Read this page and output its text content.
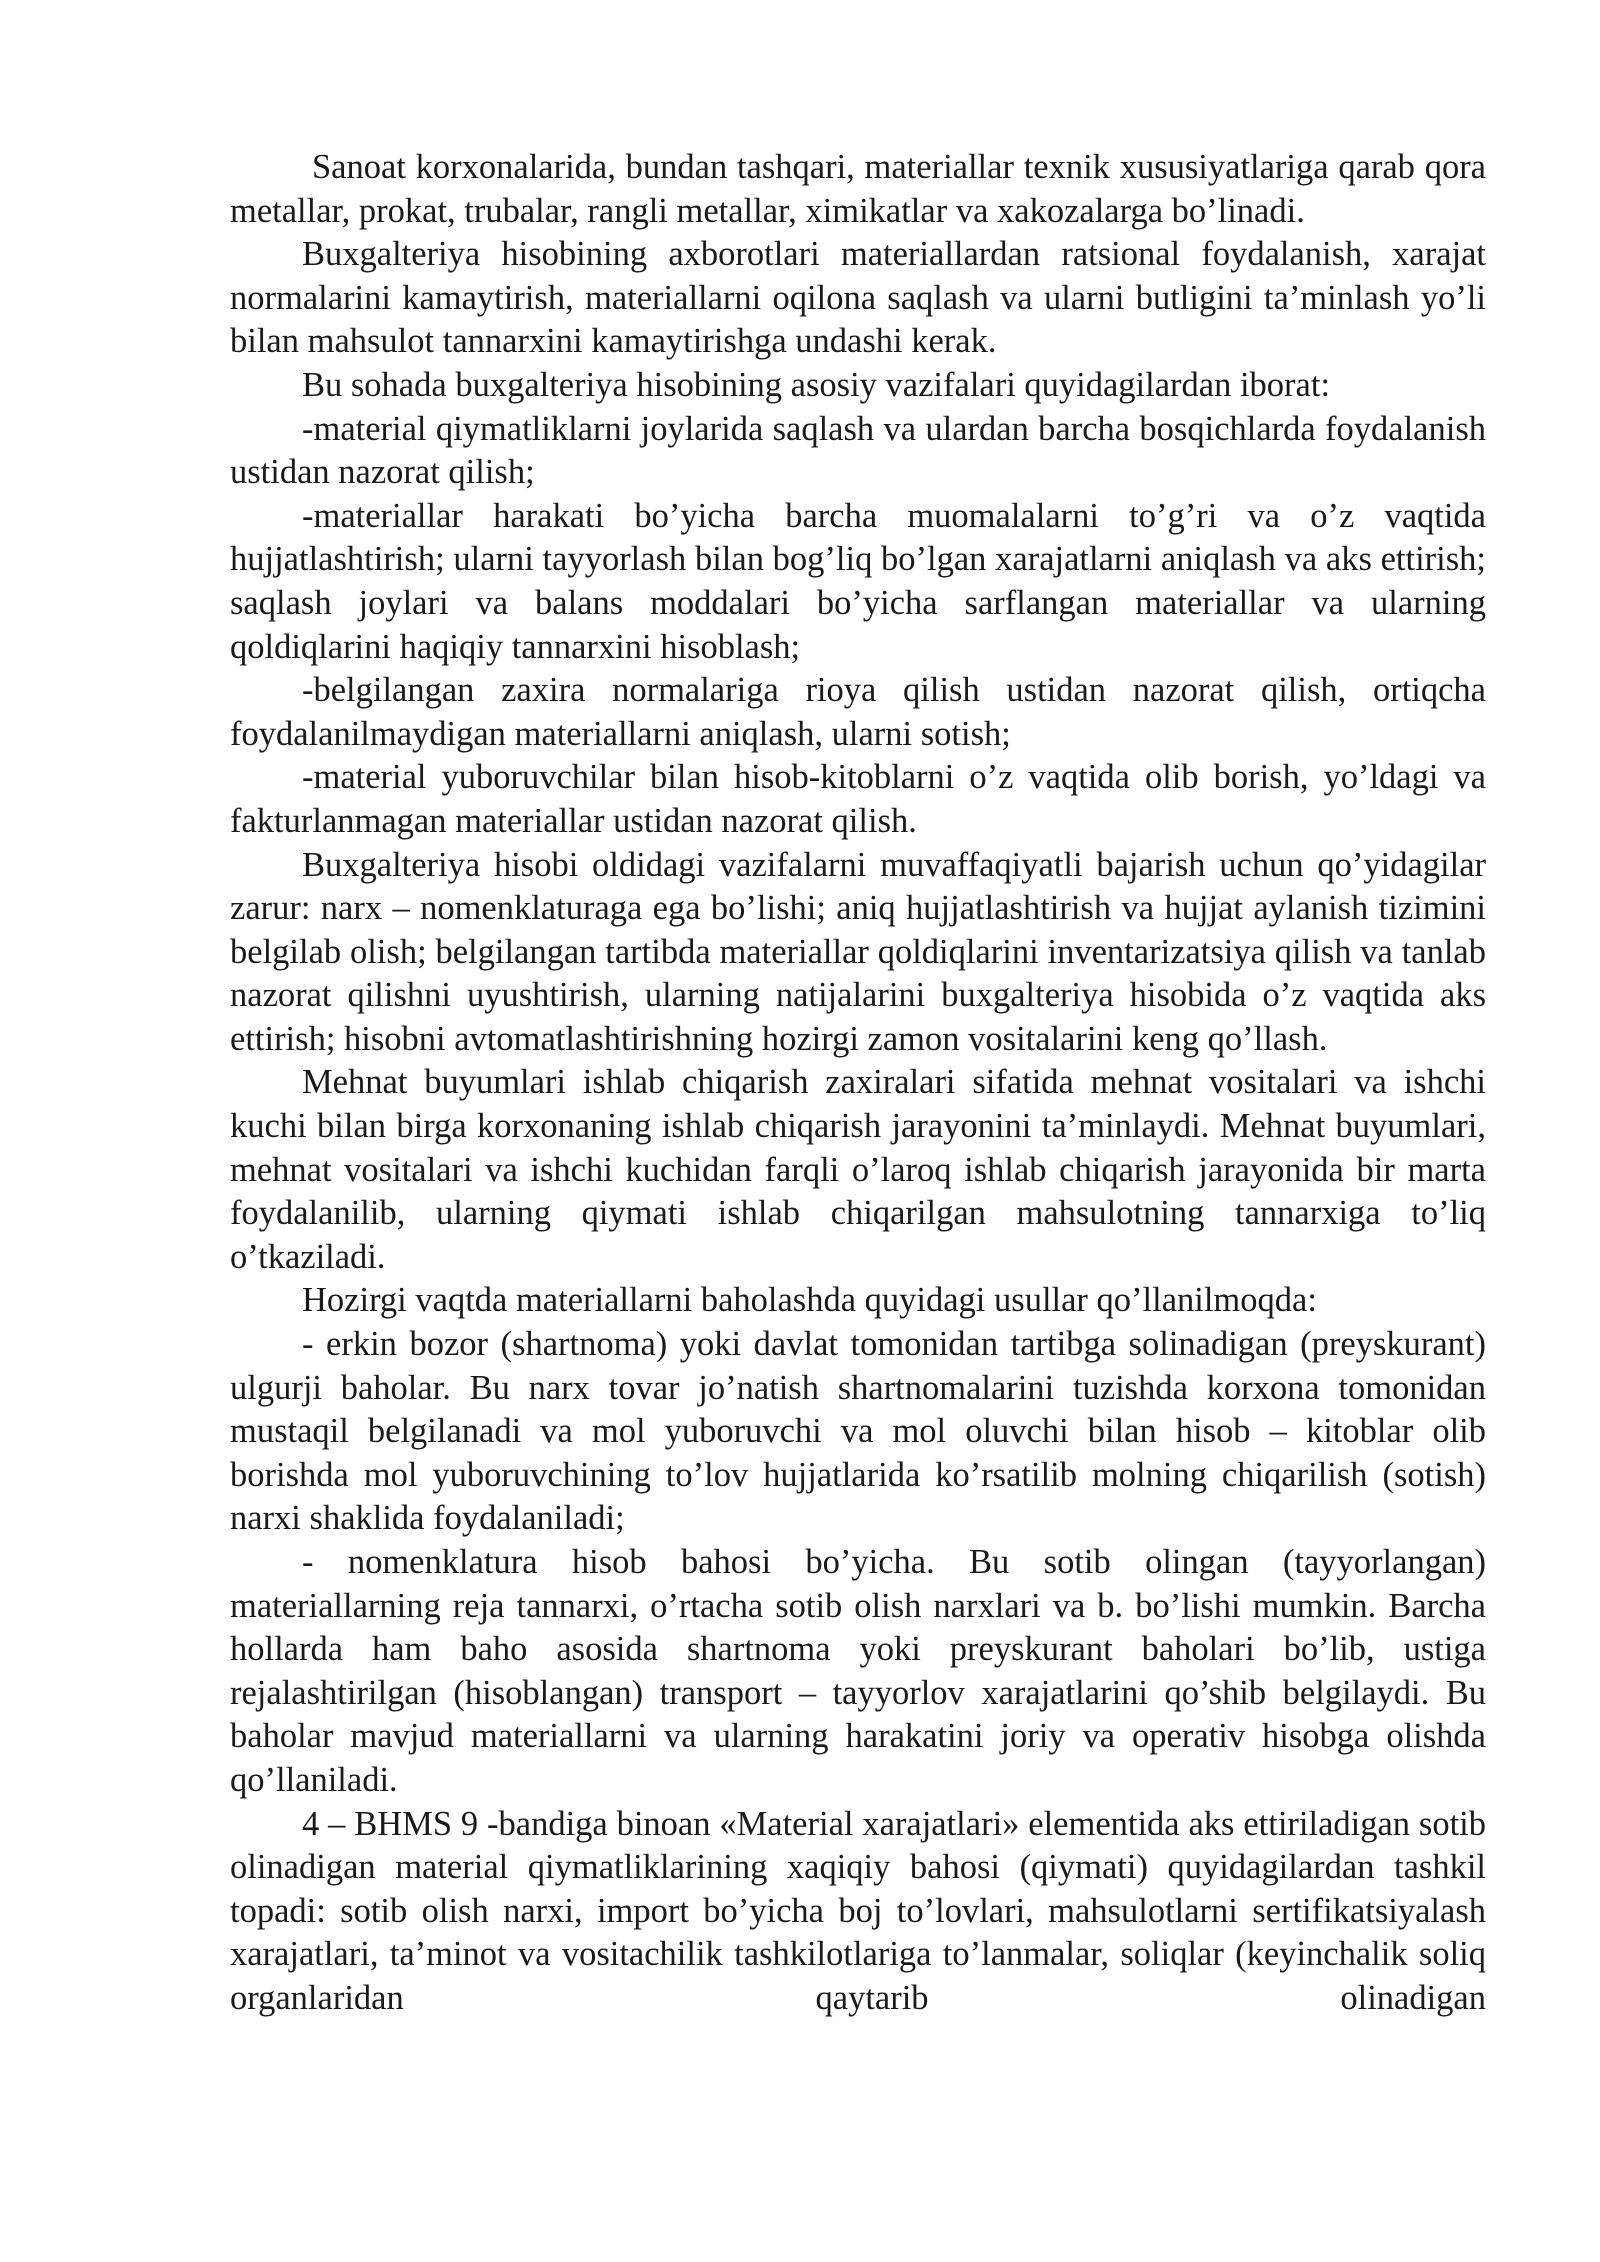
Sanoat korxonalarida, bundan tashqari, materiallar texnik xususiyatlariga qarab qora metallar, prokat, trubalar, rangli metallar, ximikatlar va xakozalarga bo’linadi.

Buxgalteriya hisobining axborotlari materiallardan ratsional foydalanish, xarajat normalarini kamaytirish, materiallarni oqilona saqlash va ularni butligini ta’minlash yo’li bilan mahsulot tannarxini kamaytirishga undashi kerak.

Bu sohada buxgalteriya hisobining asosiy vazifalari quyidagilardan iborat:

-material qiymatliklarni joylarida saqlash va ulardan barcha bosqichlarda foydalanish ustidan nazorat qilish;

-materiallar harakati bo’yicha barcha muomalalarni to’g’ri va o’z vaqtida hujjatlashtirish; ularni tayyorlash bilan bog’liq bo’lgan xarajatlarni aniqlash va aks ettirish; saqlash joylari va balans moddalari bo’yicha sarflangan materiallar va ularning qoldiqlarini haqiqiy tannarxini hisoblash;

-belgilangan zaxira normalariga rioya qilish ustidan nazorat qilish, ortiqcha foydalanilmaydigan materiallarni aniqlash, ularni sotish;

-material yuboruvchilar bilan hisob-kitoblarni o’z vaqtida olib borish, yo’ldagi va fakturlanmagan materiallar ustidan nazorat qilish.

Buxgalteriya hisobi oldidagi vazifalarni muvaffaqiyatli bajarish uchun qo’yidagilar zarur: narx – nomenklaturaga ega bo’lishi; aniq hujjatlashtirish va hujjat aylanish tizimini belgilab olish; belgilangan tartibda materiallar qoldiqlarini inventarizatsiya qilish va tanlab nazorat qilishni uyushtirish, ularning natijalarini buxgalteriya hisobida o’z vaqtida aks ettirish; hisobni avtomatlashtirishning hozirgi zamon vositalarini keng qo’llash.

Mehnat buyumlari ishlab chiqarish zaxiralari sifatida mehnat vositalari va ishchi kuchi bilan birga korxonaning ishlab chiqarish jarayonini ta’minlaydi. Mehnat buyumlari, mehnat vositalari va ishchi kuchidan farqli o’laroq ishlab chiqarish jarayonida bir marta foydalanilib, ularning qiymati ishlab chiqarilgan mahsulotning tannarxiga to’liq o’tkaziladi.

Hozirgi vaqtda materiallarni baholashda quyidagi usullar qo’llanilmoqda:

- erkin bozor (shartnoma) yoki davlat tomonidan tartibga solinadigan (preyskurant) ulgurji baholar. Bu narx tovar jo’natish shartnomalarini tuzishda korxona tomonidan mustaqil belgilanadi va mol yuboruvchi va mol oluvchi bilan hisob – kitoblar olib borishda mol yuboruvchining to’lov hujjatlarida ko’rsatilib molning chiqarilish (sotish) narxi shaklida foydalaniladi;

- nomenklatura hisob bahosi bo’yicha. Bu sotib olingan (tayyorlangan) materiallarning reja tannarxi, o’rtacha sotib olish narxlari va b. bo’lishi mumkin. Barcha hollarda ham baho asosida shartnoma yoki preyskurant baholari bo’lib, ustiga rejalashtirilgan (hisoblangan) transport – tayyorlov xarajatlarini qo’shib belgilaydi. Bu baholar mavjud materiallarni va ularning harakatini joriy va operativ hisobga olishda qo’llaniladi.

4 – BHMS 9 -bandiga binoan «Material xarajatlari» elementida aks ettiriladigan sotib olinadigan material qiymatliklarining xaqiqiy bahosi (qiymati) quyidagilardan tashkil topadi: sotib olish narxi, import bo’yicha boj to’lovlari, mahsulotlarni sertifikatsiyalash xarajatlari, ta’minot va vositachilik tashkilotlariga to’lanmalar, soliqlar (keyinchalik soliq organlaridan qaytarib olinadigan
